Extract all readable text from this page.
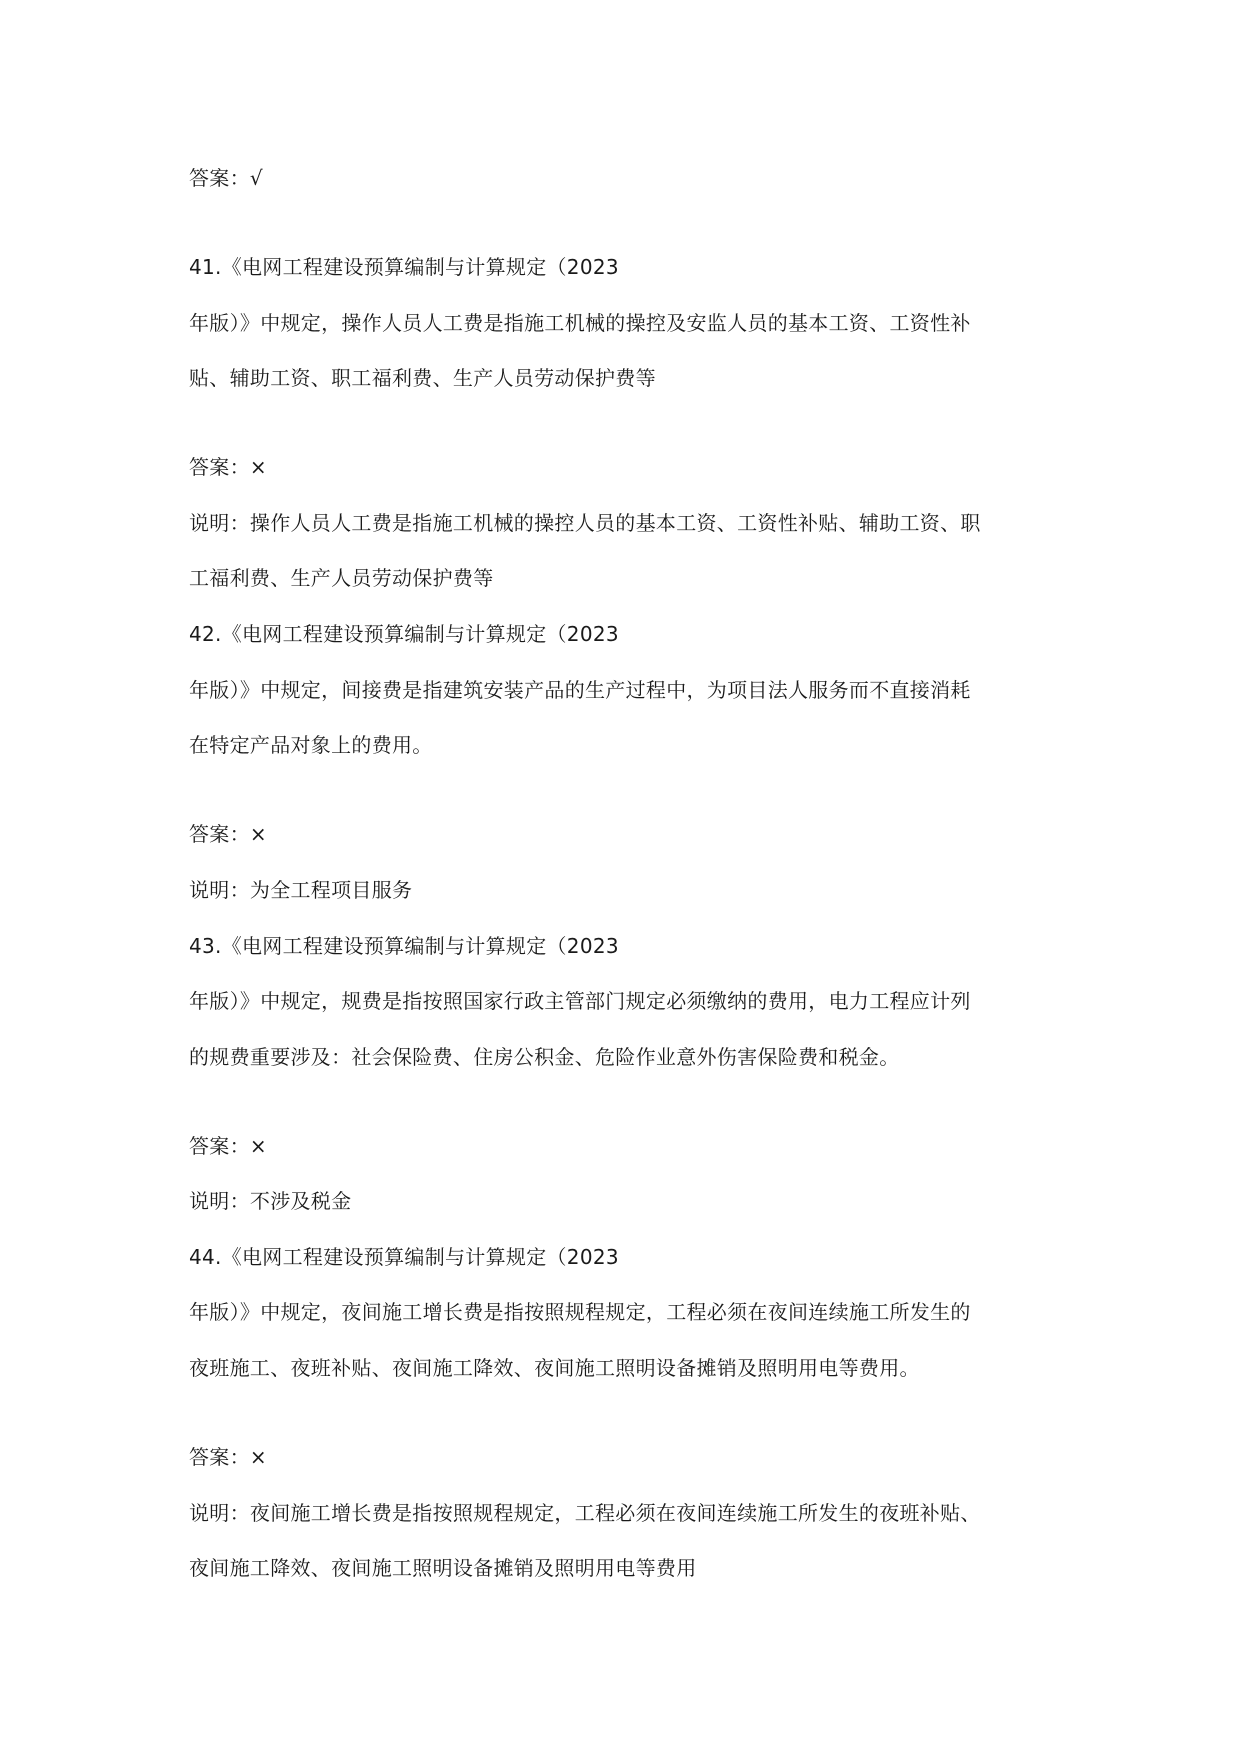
答案：√
41.《电网工程建设预算编制与计算规定（2023
年版）》中规定，操作人员人工费是指施工机械的操控及安监人员的基本工资、工资性补
贴、辅助工资、职工福利费、生产人员劳动保护费等
答案：×
说明：操作人员人工费是指施工机械的操控人员的基本工资、工资性补贴、辅助工资、职
工福利费、生产人员劳动保护费等
42.《电网工程建设预算编制与计算规定（2023
年版）》中规定，间接费是指建筑安装产品的生产过程中，为项目法人服务而不直接消耗
在特定产品对象上的费用。
答案：×
说明：为全工程项目服务
43.《电网工程建设预算编制与计算规定（2023
年版）》中规定，规费是指按照国家行政主管部门规定必须缴纳的费用，电力工程应计列
的规费重要涉及：社会保险费、住房公积金、危险作业意外伤害保险费和税金。
答案：×
说明：不涉及税金
44.《电网工程建设预算编制与计算规定（2023
年版）》中规定，夜间施工增长费是指按照规程规定，工程必须在夜间连续施工所发生的
夜班施工、夜班补贴、夜间施工降效、夜间施工照明设备摊销及照明用电等费用。
答案：×
说明：夜间施工增长费是指按照规程规定，工程必须在夜间连续施工所发生的夜班补贴、
夜间施工降效、夜间施工照明设备摊销及照明用电等费用
